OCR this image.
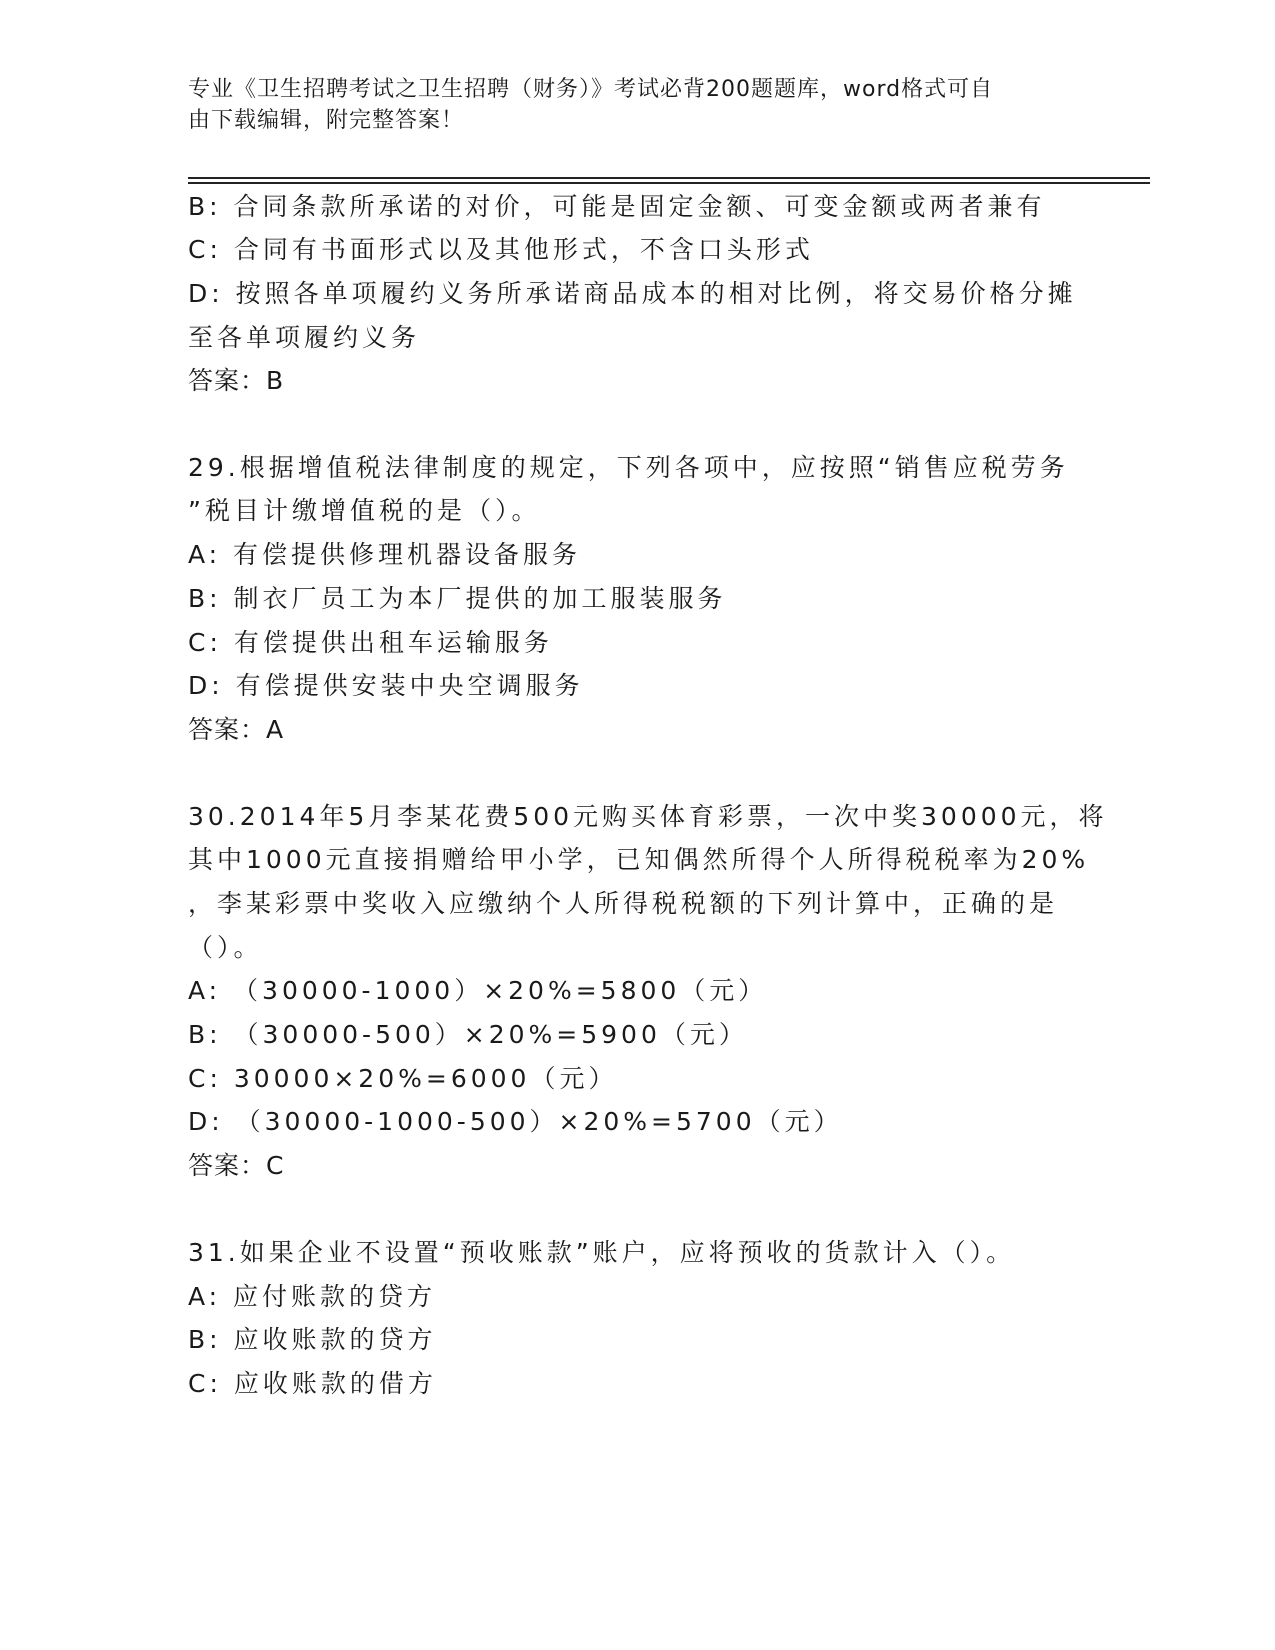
专业《卫生招聘考试之卫生招聘（财务）》考试必背200题题库，word格式可自
由下载编辑，附完整答案！
B: 合同条款所承诺的对价，可能是固定金额、可变金额或两者兼有
C: 合同有书面形式以及其他形式，不含口头形式
D: 按照各单项履约义务所承诺商品成本的相对比例，将交易价格分摊
至各单项履约义务
答案：B
29.根据增值税法律制度的规定，下列各项中，应按照“销售应税劳务
”税目计缴增值税的是（）。
A: 有偿提供修理机器设备服务
B: 制衣厂员工为本厂提供的加工服装服务
C: 有偿提供出租车运输服务
D: 有偿提供安装中央空调服务
答案：A
30.2014年5月李某花费500元购买体育彩票，一次中奖30000元，将
其中1000元直接捐赠给甲小学，已知偶然所得个人所得税税率为20%
，李某彩票中奖收入应缴纳个人所得税税额的下列计算中，正确的是
（）。
A: （30000-1000）×20%=5800（元）
B: （30000-500）×20%=5900（元）
C: 30000×20%=6000（元）
D: （30000-1000-500）×20%=5700（元）
答案：C
31.如果企业不设置“预收账款”账户，应将预收的货款计入（）。
A: 应付账款的贷方
B: 应收账款的贷方
C: 应收账款的借方
